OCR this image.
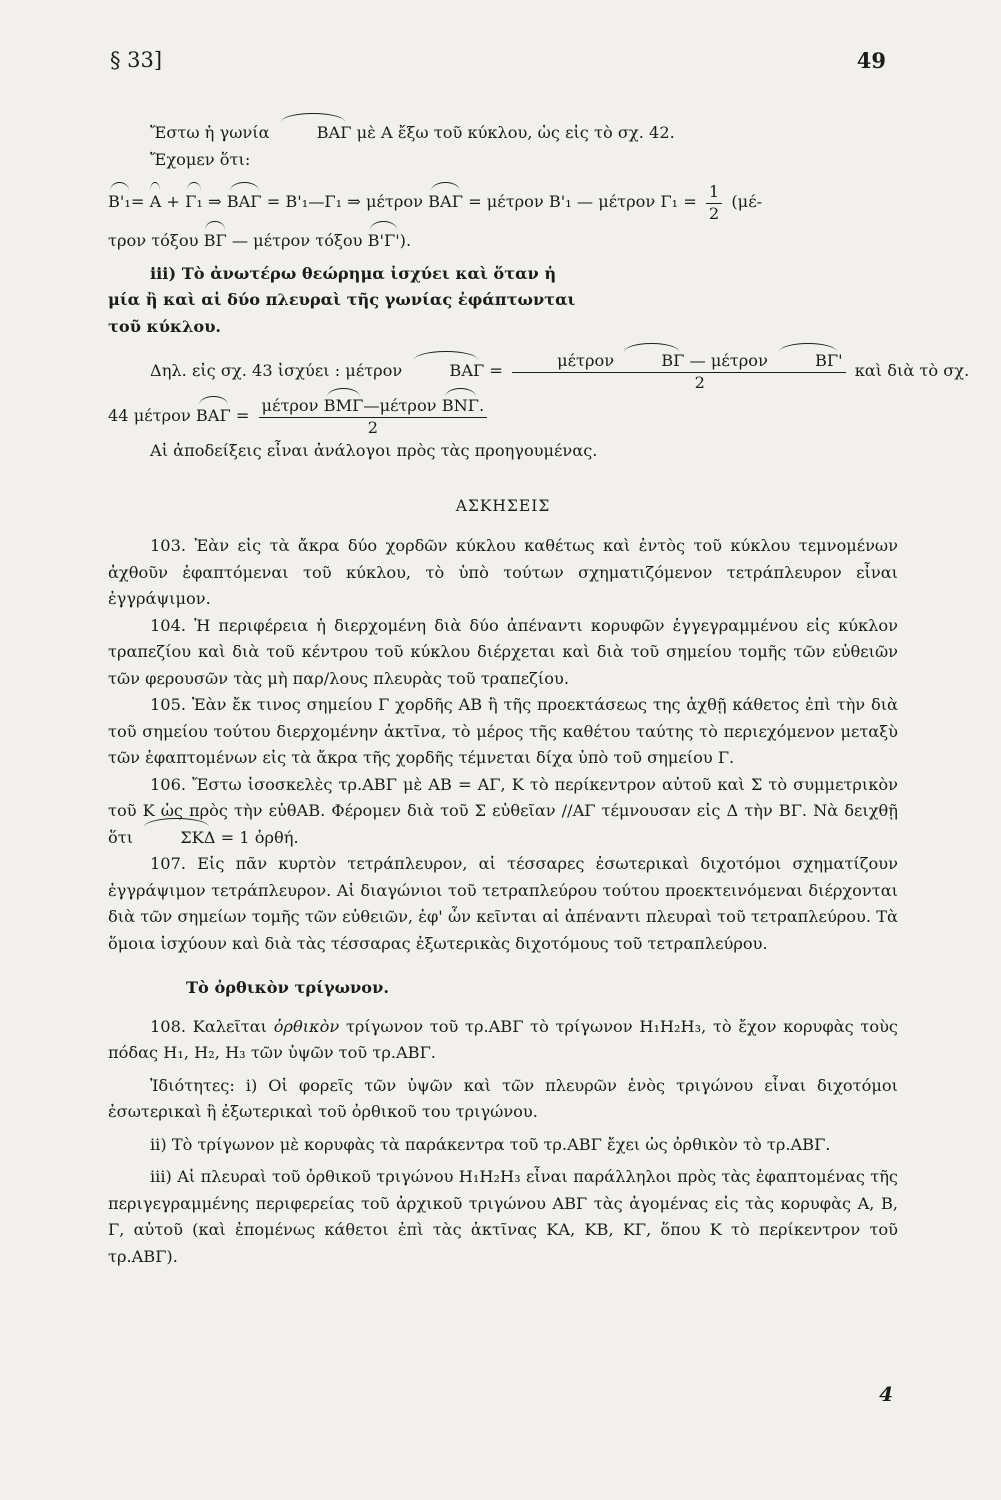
§ 33]	49

Ἔστω ἡ γωνία	ΒΑΓ μὲ Α ἔξω τοῦ κύκλου, ὡς εἰς τὸ σχ. 42.

Ἔχομεν ὅτι:

B'₁= A + Γ₁ ⇒ ΒΑΓ = B'₁—Γ₁ ⇒ μέτρον ΒΑΓ = μέτρον B'₁ — μέτρον $\Gamma_1 = \frac{1}{2} (\mu έ-$

τρον τόξου ΒΓ — μέτρον τόξου Β'Γ').

iii) Τὸ ἀνωτέρω θεώρημα ἰσχύει καὶ ὅταν ἡ

μία ἢ καὶ αἱ δύο πλευραὶ τῆς γωνίας ἐφάπτωνται

τοῦ κύκλου.

Δηλ. εἰς σχ. 43 ἰσχύει : μέτρον	ΒΑΓ = μέτρον	ΒΓ — μέτρον	ΒΓ'
2 καὶ διὰ τὸ σχ.

44 μέτρον $BA\Gamma = \frac{\text{μέτρον ΒΜΓ—μέτρον ΒΝΓ.}}{2}$

Αἱ ἀποδείξεις εἶναι ἀνάλογοι πρὸς τὰς προηγουμένας.

ΑΣΚΗΣΕΙΣ

103. Ἐὰν εἰς τὰ ἄκρα δύο χορδῶν κύκλου καθέτως καὶ ἐντὸς τοῦ κύκλου τεμνομένων ἀχθοῦν ἐφαπτόμεναι τοῦ κύκλου, τὸ ὑπὸ τούτων σχηματιζόμενον τετράπλευρον εἶναι ἐγγράψιμον.

104. Ἡ περιφέρεια ἡ διερχομένη διὰ δύο ἀπέναντι κορυφῶν ἐγγεγραμμένου εἰς κύκλον τραπεζίου καὶ διὰ τοῦ κέντρου τοῦ κύκλου διέρχεται καὶ διὰ τοῦ σημείου τομῆς τῶν εὐθειῶν τῶν φερουσῶν τὰς μὴ παρ/λους πλευρὰς τοῦ τραπεζίου.

105. Ἐὰν ἔκ τινος σημείου Γ χορδῆς ΑΒ ἢ τῆς προεκτάσεως της ἀχθῇ κάθετος ἐπὶ τὴν διὰ τοῦ σημείου τούτου διερχομένην ἀκτῖνα, τὸ μέρος τῆς καθέτου ταύτης τὸ περιεχόμενον μεταξὺ τῶν ἐφαπτομένων εἰς τὰ ἄκρα τῆς χορδῆς τέμνεται δίχα ὑπὸ τοῦ σημείου Γ.

106. Ἔστω ἰσοσκελὲς τρ.ΑΒΓ μὲ ΑΒ = ΑΓ, Κ τὸ περίκεντρον αὐτοῦ καὶ Σ τὸ συμμετρικὸν τοῦ Κ ὡς πρὸς τὴν εὐθΑΒ. Φέρομεν διὰ τοῦ Σ εὐθεῖαν //ΑΓ τέμνουσαν εἰς Δ τὴν ΒΓ. Νὰ δειχθῇ ὅτι	ΣΚΔ = 1 ὀρθή.

107. Εἰς πᾶν κυρτὸν τετράπλευρον, αἱ τέσσαρες ἐσωτερικαὶ διχοτόμοι σχηματίζουν ἐγγράψιμον τετράπλευρον. Αἱ διαγώνιοι τοῦ τετραπλεύρου τούτου προεκτεινόμεναι διέρχονται διὰ τῶν σημείων τομῆς τῶν εὐθειῶν, ἐφ' ὧν κεῖνται αἱ ἀπέναντι πλευραὶ τοῦ τετραπλεύρου. Τὰ ὅμοια ἰσχύουν καὶ διὰ τὰς τέσσαρας ἐξωτερικὰς διχοτόμους τοῦ τετραπλεύρου.

Τὸ ὀρθικὸν τρίγωνον.

108. Καλεῖται ὀρθικὸν τρίγωνον τοῦ τρ.ΑΒΓ τὸ τρίγωνον Η₁Η₂Η₃, τὸ ἔχον κορυφὰς τοὺς πόδας Η₁, Η₂, Η₃ τῶν ὑψῶν τοῦ τρ.ΑΒΓ.

Ἰδιότητες: i) Οἱ φορεῖς τῶν ὑψῶν καὶ τῶν πλευρῶν ἑνὸς τριγώνου εἶναι διχοτόμοι ἐσωτερικαὶ ἢ ἐξωτερικαὶ τοῦ ὀρθικοῦ του τριγώνου.

ii) Τὸ τρίγωνον μὲ κορυφὰς τὰ παράκεντρα τοῦ τρ.ΑΒΓ ἔχει ὡς ὀρθικὸν τὸ τρ.ΑΒΓ.

iii) Αἱ πλευραὶ τοῦ ὀρθικοῦ τριγώνου Η₁Η₂Η₃ εἶναι παράλληλοι πρὸς τὰς ἐφαπτομένας τῆς περιγεγραμμένης περιφερείας τοῦ ἀρχικοῦ τριγώνου ΑΒΓ τὰς ἀγομένας εἰς τὰς κορυφὰς Α, Β, Γ, αὐτοῦ (καὶ ἑπομένως κάθετοι ἐπὶ τὰς ἀκτῖνας ΚΑ, ΚΒ, ΚΓ, ὅπου Κ τὸ περίκεντρον τοῦ τρ.ΑΒΓ).

4
